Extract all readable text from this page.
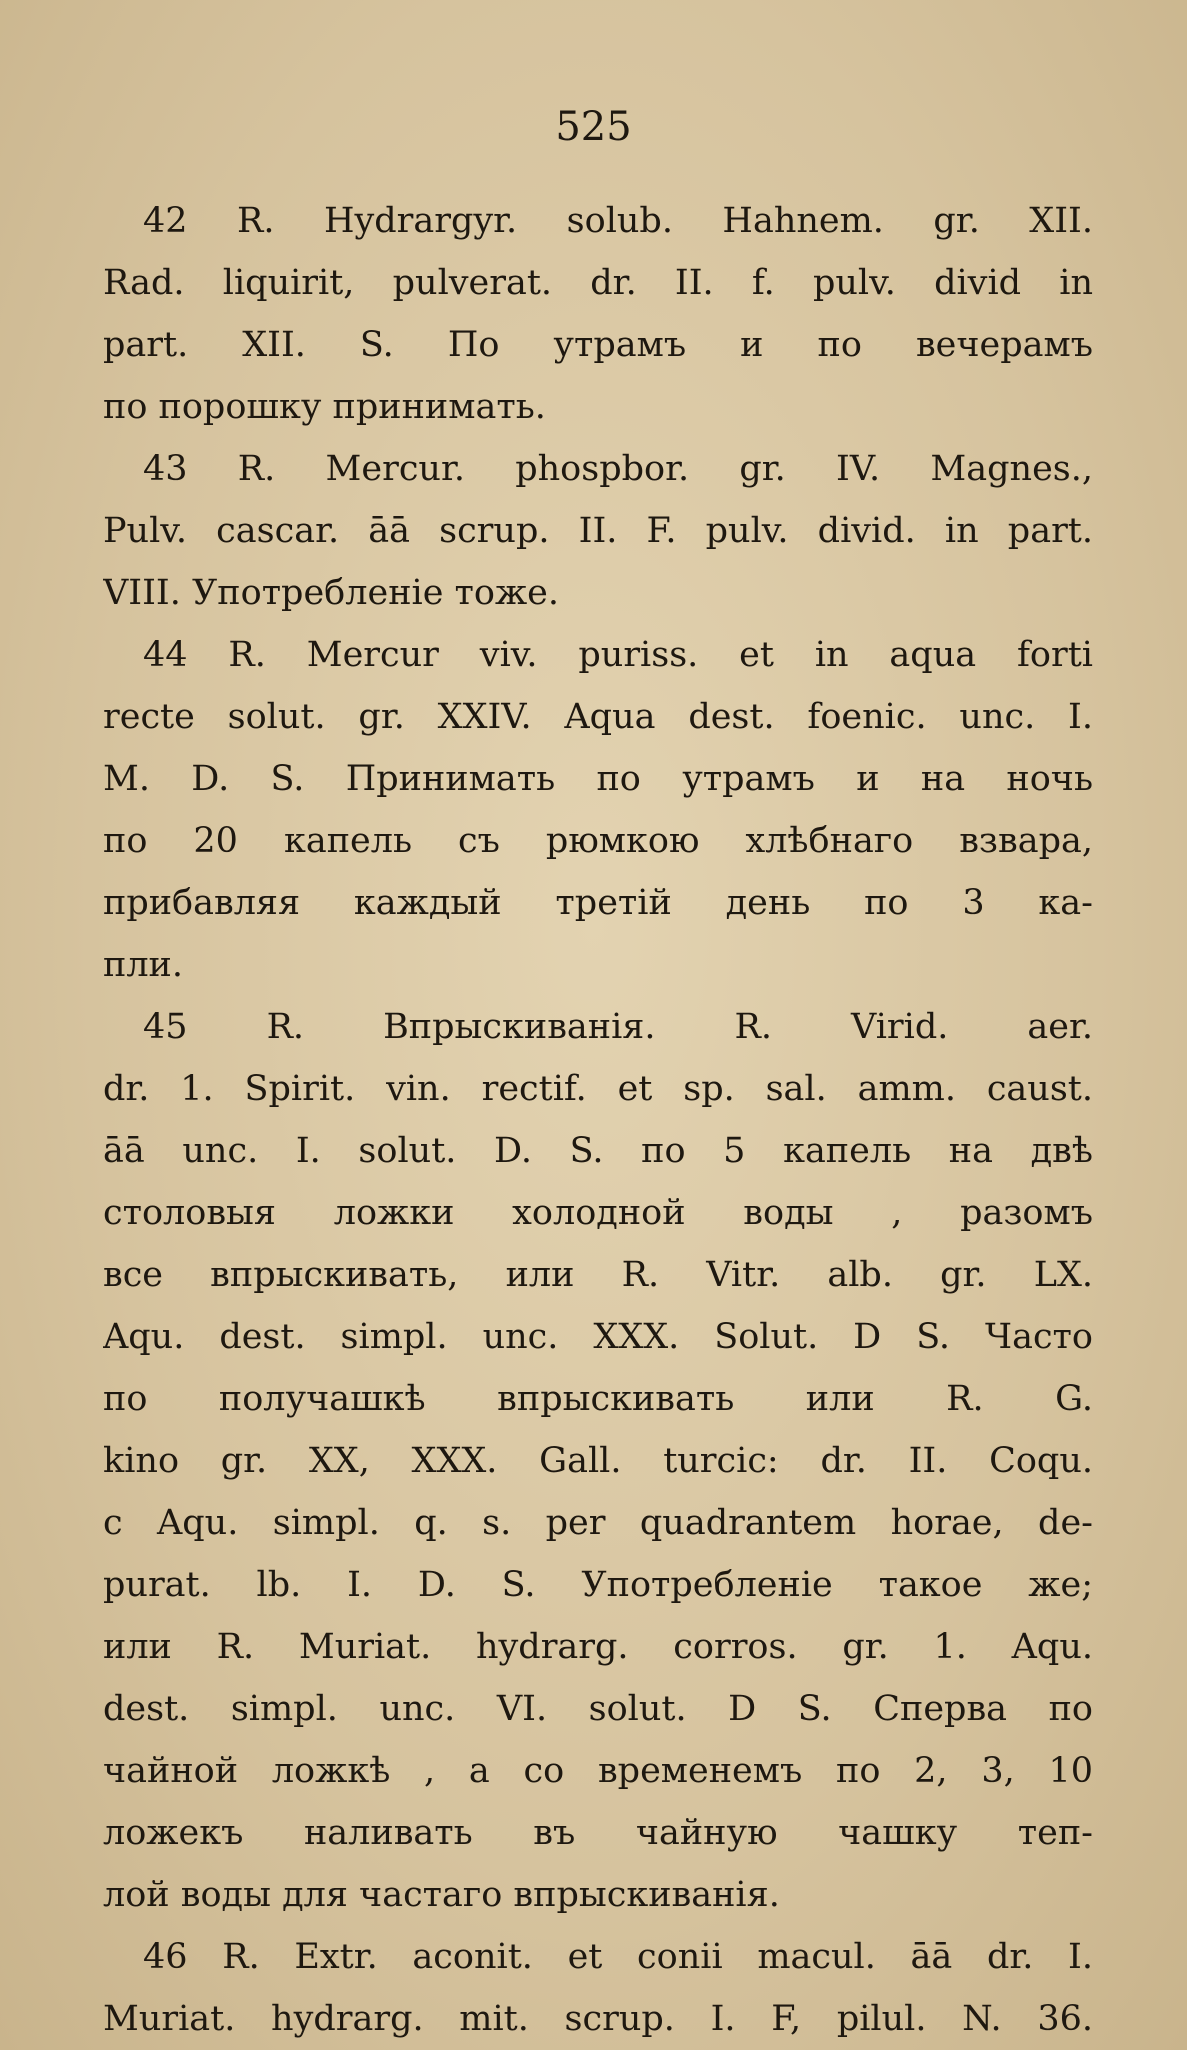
525
42 R. Hydrargyr. solub. Hahnem. gr. XII.
Rad. liquirit, pulverat. dr. II. f. pulv. divid in
part. XII. S. По утрамъ и по вечерамъ
по порошку принимать.
43 R. Mercur. phospbor. gr. IV. Magnes.,
Pulv. cascar. āā scrup. II. F. pulv. divid. in part.
VIII. Употребленіе тоже.
44 R. Mercur viv. puriss. et in aqua forti
recte solut. gr. XXIV. Aqua dest. foenic. unc. I.
M. D. S. Принимать по утрамъ и на ночь
по 20 капель съ рюмкою хлѣбнаго взвара,
прибавляя каждый третій день по 3 ка-
пли.
45 R. Впрыскиванія. R. Virid. aer.
dr. 1. Spirit. vin. rectif. et sp. sal. amm. caust.
āā unc. I. solut. D. S. по 5 капель на двѣ
столовыя ложки холодной воды , разомъ
все впрыскивать, или R. Vitr. alb. gr. LX.
Aqu. dest. simpl. unc. XXX. Solut. D S. Часто
по получашкѣ впрыскивать или R. G.
kino gr. XX, XXX. Gall. turcic: dr. II. Coqu.
c Aqu. simpl. q. s. per quadrantem horae, de-
purat. lb. I. D. S. Употребленіе такое же;
или R. Muriat. hydrarg. corros. gr. 1. Aqu.
dest. simpl. unc. VI. solut. D S. Сперва по
чайной ложкѣ , а со временемъ по 2, 3, 10
ложекъ наливать въ чайную чашку теп-
лой воды для частаго впрыскиванія.
46 R. Extr. aconit. et conii macul. āā dr. I.
Muriat. hydrarg. mit. scrup. I. F, pilul. N. 36.
